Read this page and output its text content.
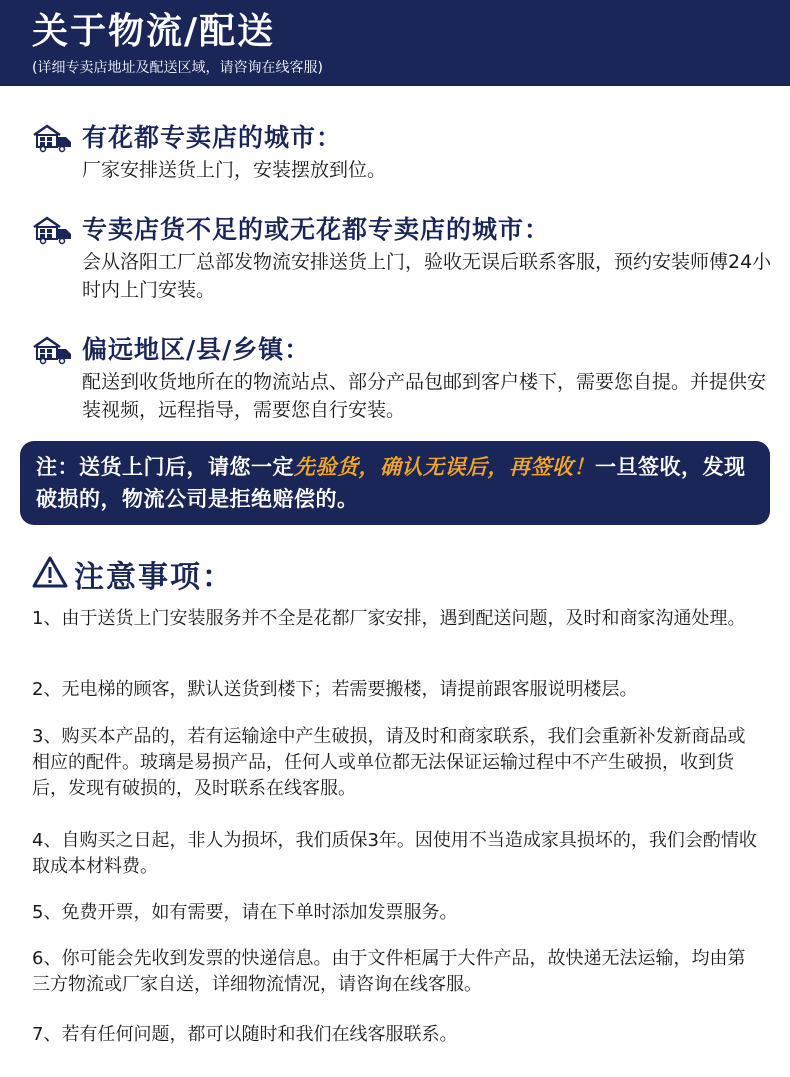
关于物流/配送
(详细专卖店地址及配送区域，请咨询在线客服)
有花都专卖店的城市：
厂家安排送货上门，安装摆放到位。
专卖店货不足的或无花都专卖店的城市：
会从洛阳工厂总部发物流安排送货上门，验收无误后联系客服，预约安装师傅24小时内上门安装。
偏远地区/县/乡镇：
配送到收货地所在的物流站点、部分产品包邮到客户楼下，需要您自提。并提供安装视频，远程指导，需要您自行安装。
注：送货上门后，请您一定先验货，确认无误后，再签收！一旦签收，发现破损的，物流公司是拒绝赔偿的。
注意事项：
1、由于送货上门安装服务并不全是花都厂家安排，遇到配送问题，及时和商家沟通处理。
2、无电梯的顾客，默认送货到楼下；若需要搬楼，请提前跟客服说明楼层。
3、购买本产品的，若有运输途中产生破损，请及时和商家联系，我们会重新补发新商品或相应的配件。玻璃是易损产品，任何人或单位都无法保证运输过程中不产生破损，收到货后，发现有破损的，及时联系在线客服。
4、自购买之日起，非人为损坏，我们质保3年。因使用不当造成家具损坏的，我们会酌情收取成本材料费。
5、免费开票，如有需要，请在下单时添加发票服务。
6、你可能会先收到发票的快递信息。由于文件柜属于大件产品，故快递无法运输，均由第三方物流或厂家自送，详细物流情况，请咨询在线客服。
7、若有任何问题，都可以随时和我们在线客服联系。
